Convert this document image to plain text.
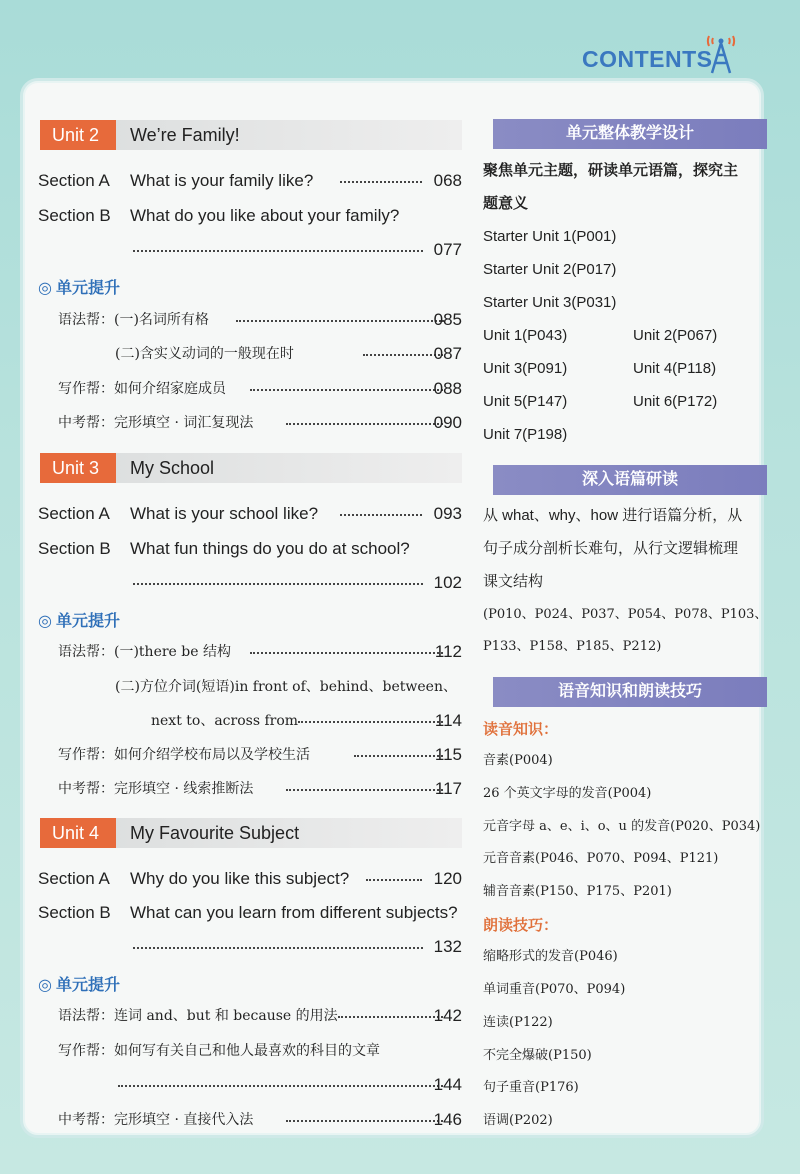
CONTENTS
Unit 2	We’re Family!
Section A What is your family like?	068
Section B What do you like about your family?
077
◎ 单元提升
语法帮：(一)名词所有格	085
(二)含实义动词的一般现在时	087
写作帮：如何介绍家庭成员	088
中考帮：完形填空 · 词汇复现法	090
Unit 3	My School
Section A What is your school like?	093
Section B What fun things do you do at school?
102
◎ 单元提升
语法帮：(一)there be 结构	112
(二)方位介词(短语)in front of、behind、between、
next to、across from	114
写作帮：如何介绍学校布局以及学校生活	115
中考帮：完形填空 · 线索推断法	117
Unit 4	My Favourite Subject
Section A Why do you like this subject?	120
Section B What can you learn from different subjects?
132
◎ 单元提升
语法帮：连词 and、but 和 because 的用法	142
写作帮：如何写有关自己和他人最喜欢的科目的文章
144
中考帮：完形填空 · 直接代入法	146
单元整体教学设计
聚焦单元主题，研读单元语篇，探究主
题意义
Starter Unit 1(P001)
Starter Unit 2(P017)
Starter Unit 3(P031)
Unit 1(P043)	Unit 2(P067)
Unit 3(P091)	Unit 4(P118)
Unit 5(P147)	Unit 6(P172)
Unit 7(P198)
深入语篇研读
从 what、why、how 进行语篇分析，从
句子成分剖析长难句，从行文逻辑梳理
课文结构
(P010、P024、P037、P054、P078、P103、
P133、P158、P185、P212)
语音知识和朗读技巧
读音知识：
音素(P004)
26 个英文字母的发音(P004)
元音字母 a、e、i、o、u 的发音(P020、P034)
元音音素(P046、P070、P094、P121)
辅音音素(P150、P175、P201)
朗读技巧：
缩略形式的发音(P046)
单词重音(P070、P094)
连读(P122)
不完全爆破(P150)
句子重音(P176)
语调(P202)
